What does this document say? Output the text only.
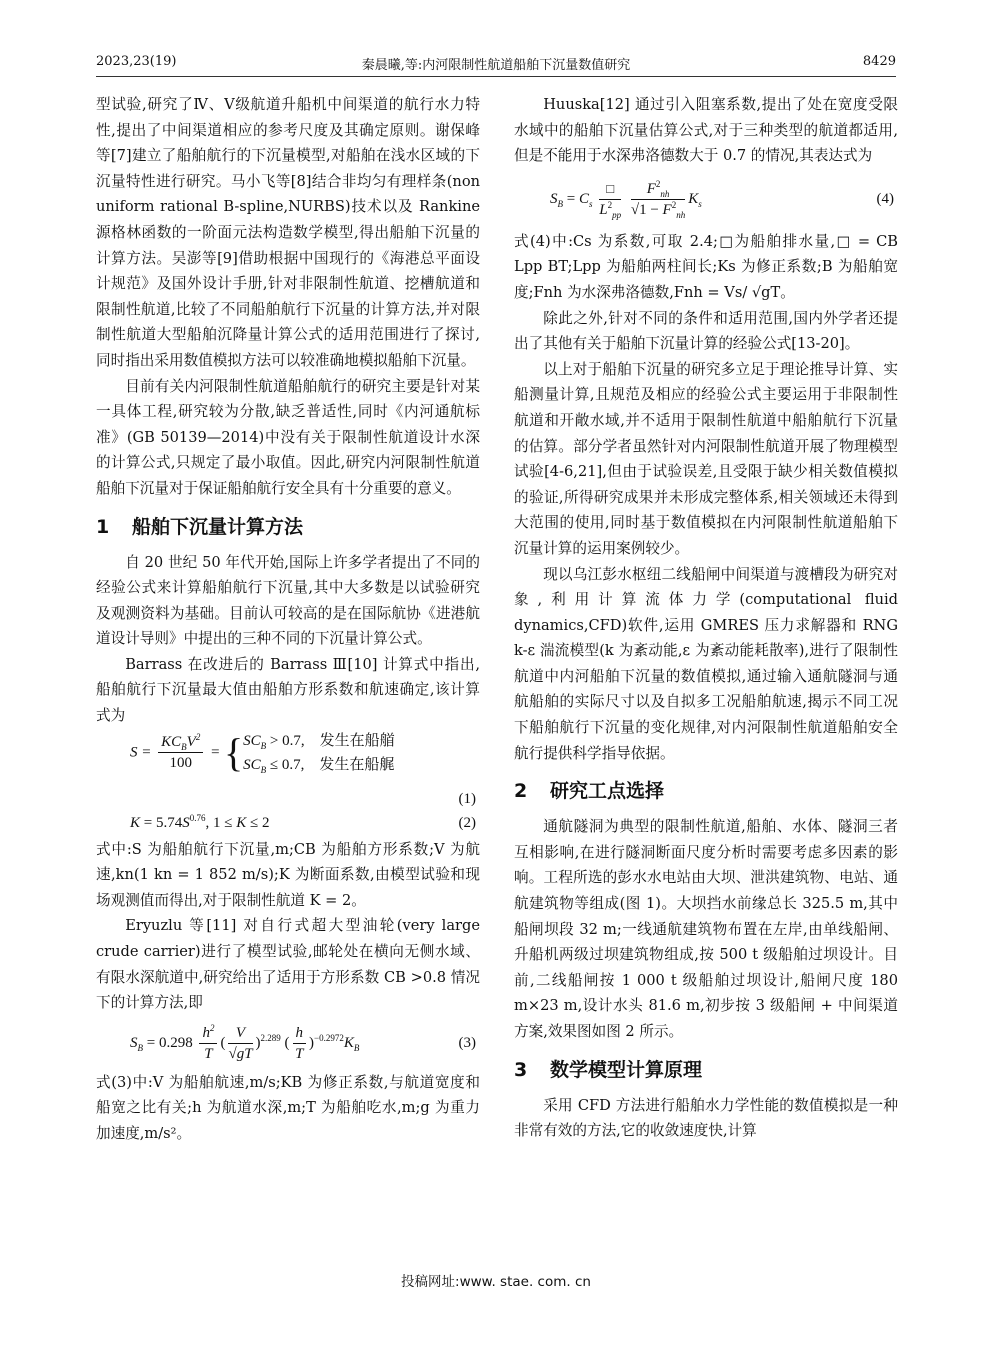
2023,23(19)	秦晨曦,等:内河限制性航道船舶下沉量数值研究	8429

型试验,研究了Ⅳ、Ⅴ级航道升船机中间渠道的航行水力特性,提出了中间渠道相应的参考尺度及其确定原则。谢保峰等[7]建立了船舶航行的下沉量模型,对船舶在浅水区域的下沉量特性进行研究。马小飞等[8]结合非均匀有理样条(non uniform rational B-spline,NURBS)技术以及 Rankine 源格林函数的一阶面元法构造数学模型,得出船舶下沉量的计算方法。吴澎等[9]借助根据中国现行的《海港总平面设计规范》及国外设计手册,针对非限制性航道、挖槽航道和限制性航道,比较了不同船舶航行下沉量的计算方法,并对限制性航道大型船舶沉降量计算公式的适用范围进行了探讨,同时指出采用数值模拟方法可以较准确地模拟船舶下沉量。

目前有关内河限制性航道船舶航行的研究主要是针对某一具体工程,研究较为分散,缺乏普适性,同时《内河通航标准》(GB 50139—2014)中没有关于限制性航道设计水深的计算公式,只规定了最小取值。因此,研究内河限制性航道船舶下沉量对于保证船舶航行安全具有十分重要的意义。

1 船舶下沉量计算方法

自 20 世纪 50 年代开始,国际上许多学者提出了不同的经验公式来计算船舶航行下沉量,其中大多数是以试验研究及观测资料为基础。目前认可较高的是在国际航协《进港航道设计导则》中提出的三种不同的下沉量计算公式。

Barrass 在改进后的 Barrass Ⅲ[10] 计算式中指出,船舶航行下沉量最大值由船舶方形系数和航速确定,该计算式为

$S = \frac{KC_BV^2}{100} = \{SC_B > 0.7$, 发生在船艏
$SC_B \le 0.7$, 发生在船艉
(1)
$K = 5.74S^{0.76}$, 1 ≤ K ≤ 2	(2)

式中:S 为船舶航行下沉量,m;CB 为船舶方形系数;V 为航速,kn(1 kn = 1 852 m/s);K 为断面系数,由模型试验和现场观测值而得出,对于限制性航道 K = 2。

Eryuzlu 等[11] 对自行式超大型油轮(very large crude carrier)进行了模型试验,邮轮处在横向无侧水域、有限水深航道中,研究给出了适用于方形系数 CB >0.8 情况下的计算方法,即

$S_B = 0.298 \frac{h^2}{T}$ ( $\frac{V}{√gT} )^{2.289}$ ( $\frac{h}{T} )^{-0.2972}K_B$	(3)

式(3)中:V 为船舶航速,m/s;KB 为修正系数,与航道宽度和船宽之比有关;h 为航道水深,m;T 为船舶吃水,m;g 为重力加速度,m/s²。

Huuska[12] 通过引入阻塞系数,提出了处在宽度受限水域中的船舶下沉量估算公式,对于三种类型的航道都适用,但是不能用于水深弗洛德数大于 0.7 的情况,其表达式为

$S_B = C_s \frac{□}{L^2_{pp}}$
$\frac{F^2_{nh}}{√1 - F^2_{nh}} K_s$	(4)

式(4)中:Cs 为系数,可取 2.4;□为船舶排水量,□ = CB Lpp BT;Lpp 为船舶两柱间长;Ks 为修正系数;B 为船舶宽度;Fnh 为水深弗洛德数,Fnh = Vs/ √gT。

除此之外,针对不同的条件和适用范围,国内外学者还提出了其他有关于船舶下沉量计算的经验公式[13-20]。

以上对于船舶下沉量的研究多立足于理论推导计算、实船测量计算,且规范及相应的经验公式主要运用于非限制性航道和开敞水域,并不适用于限制性航道中船舶航行下沉量的估算。部分学者虽然针对内河限制性航道开展了物理模型试验[4-6,21],但由于试验误差,且受限于缺少相关数值模拟的验证,所得研究成果并未形成完整体系,相关领域还未得到大范围的使用,同时基于数值模拟在内河限制性航道船舶下沉量计算的运用案例较少。

现以乌江彭水枢纽二线船闸中间渠道与渡槽段为研究对象,利用计算流体力学(computational fluid dynamics,CFD)软件,运用 GMRES 压力求解器和 RNG k-ε 湍流模型(k 为紊动能,ε 为紊动能耗散率),进行了限制性航道中内河船舶下沉量的数值模拟,通过输入通航隧洞与通航船舶的实际尺寸以及自拟多工况船舶航速,揭示不同工况下船舶航行下沉量的变化规律,对内河限制性航道船舶安全航行提供科学指导依据。

2 研究工点选择

通航隧洞为典型的限制性航道,船舶、水体、隧洞三者互相影响,在进行隧洞断面尺度分析时需要考虑多因素的影响。工程所选的彭水水电站由大坝、泄洪建筑物、电站、通航建筑物等组成(图 1)。大坝挡水前缘总长 325.5 m,其中船闸坝段 32 m;一线通航建筑物布置在左岸,由单线船闸、升船机两级过坝建筑物组成,按 500 t 级船舶过坝设计。目前,二线船闸按 1 000 t 级船舶过坝设计,船闸尺度 180 m×23 m,设计水头 81.6 m,初步按 3 级船闸 + 中间渠道方案,效果图如图 2 所示。

3 数学模型计算原理

采用 CFD 方法进行船舶水力学性能的数值模拟是一种非常有效的方法,它的收敛速度快,计算

投稿网址:www. stae. com. cn
